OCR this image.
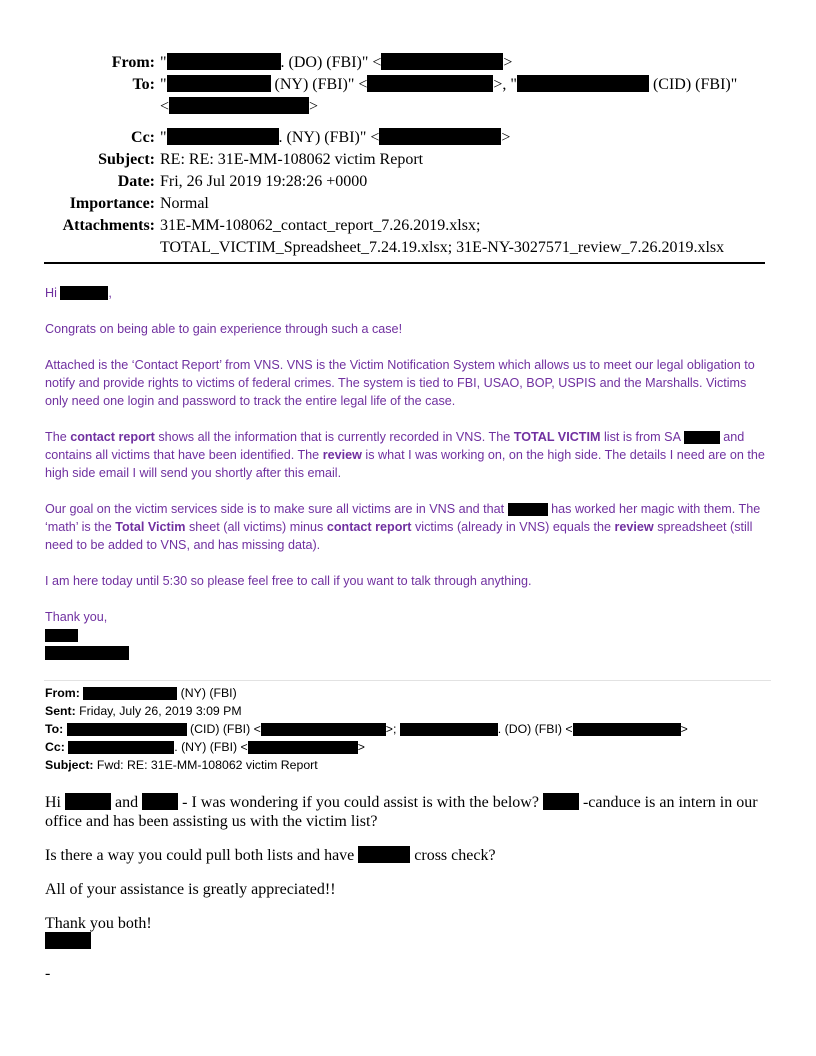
From: "	. (DO) (FBI)" <	>
To: "	(NY) (FBI)" <	>, "	(CID) (FBI)"
<	>
Cc: "	. (NY) (FBI)" <	>
Subject: RE: RE: 31E-MM-108062 victim Report
Date: Fri, 26 Jul 2019 19:28:26 +0000
Importance: Normal
Attachments: 31E-MM-108062_contact_report_7.26.2019.xlsx;
TOTAL_VICTIM_Spreadsheet_7.24.19.xlsx; 31E-NY-3027571_review_7.26.2019.xlsx

Hi	,

Congrats on being able to gain experience through such a case!

Attached is the ‘Contact Report’ from VNS. VNS is the Victim Notification System which allows us to meet our legal obligation to notify and provide rights to victims of federal crimes. The system is tied to FBI, USAO, BOP, USPIS and the Marshalls. Victims only need one login and password to track the entire legal life of the case.

The contact report shows all the information that is currently recorded in VNS. The TOTAL VICTIM list is from SA	and contains all victims that have been identified. The review is what I was working on, on the high side. The details I need are on the high side email I will send you shortly after this email.

Our goal on the victim services side is to make sure all victims are in VNS and that	has worked her magic with them. The ‘math’ is the Total Victim sheet (all victims) minus contact report victims (already in VNS) equals the review spreadsheet (still need to be added to VNS, and has missing data).

I am here today until 5:30 so please feel free to call if you want to talk through anything.

Thank you,

From:	(NY) (FBI)
Sent: Friday, July 26, 2019 3:09 PM
To:	(CID) (FBI) <	>;	. (DO) (FBI) <	>
Cc:	. (NY) (FBI) <	>
Subject: Fwd: RE: 31E-MM-108062 victim Report

Hi	and  - I was wondering if you could assist is with the below?  -canduce is an intern in our office and has been assisting us with the victim list?

Is there a way you could pull both lists and have	cross check?

All of your assistance is greatly appreciated!!

Thank you both!

-
